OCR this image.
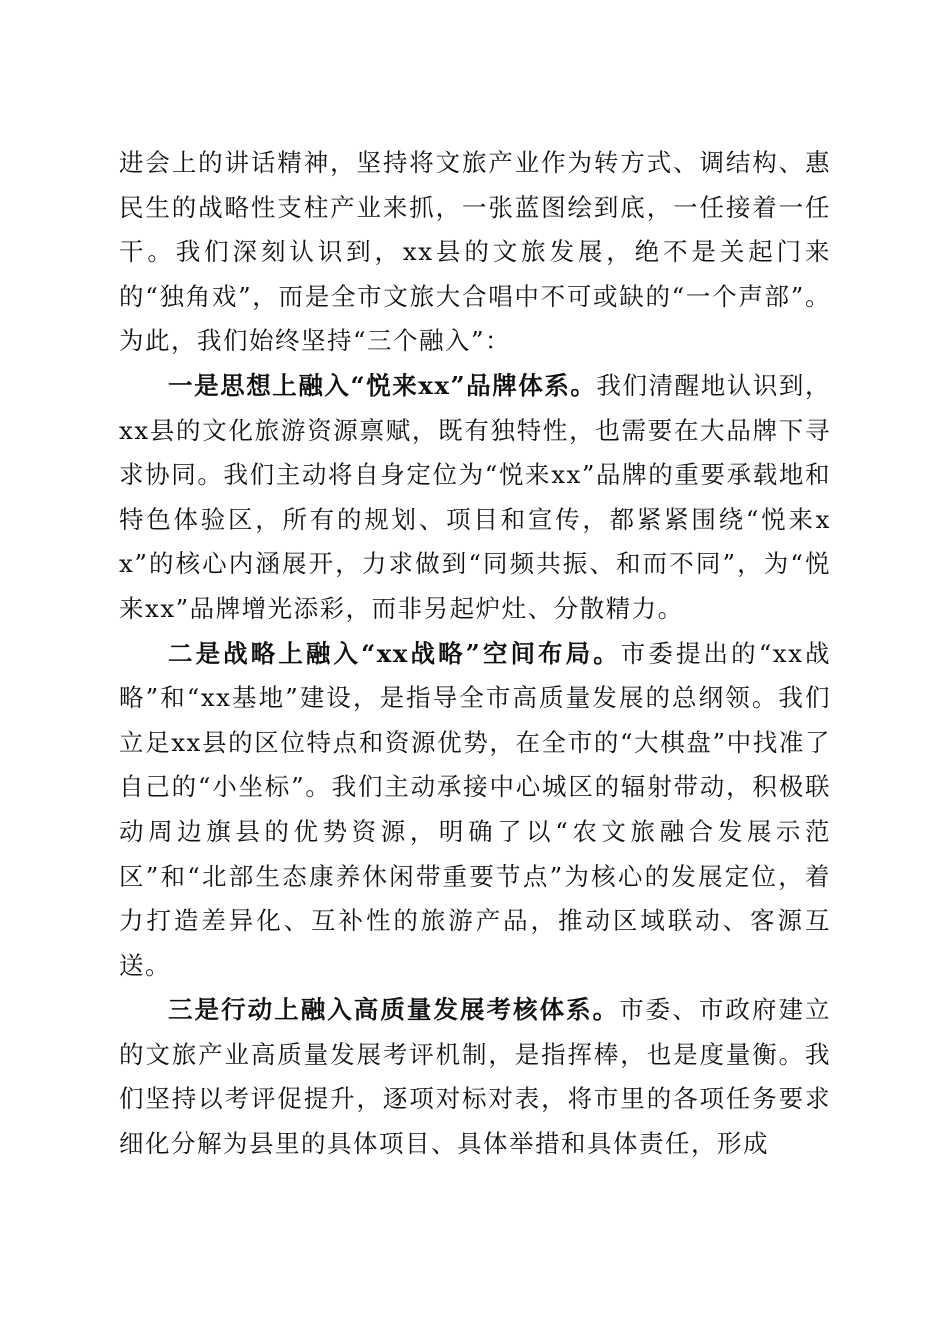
进会上的讲话精神，坚持将文旅产业作为转方式、调结构、惠民生的战略性支柱产业来抓，一张蓝图绘到底，一任接着一任干。我们深刻认识到，xx县的文旅发展，绝不是关起门来的“独角戏”，而是全市文旅大合唱中不可或缺的“一个声部”。为此，我们始终坚持“三个融入”：

一是思想上融入“悦来xx”品牌体系。我们清醒地认识到，xx县的文化旅游资源禀赋，既有独特性，也需要在大品牌下寻求协同。我们主动将自身定位为“悦来xx”品牌的重要承载地和特色体验区，所有的规划、项目和宣传，都紧紧围绕“悦来xx”的核心内涵展开，力求做到“同频共振、和而不同”，为“悦来xx”品牌增光添彩，而非另起炉灶、分散精力。

二是战略上融入“xx战略”空间布局。市委提出的“xx战略”和“xx基地”建设，是指导全市高质量发展的总纲领。我们立足xx县的区位特点和资源优势，在全市的“大棋盘”中找准了自己的“小坐标”。我们主动承接中心城区的辐射带动，积极联动周边旗县的优势资源，明确了以“农文旅融合发展示范区”和“北部生态康养休闲带重要节点”为核心的发展定位，着力打造差异化、互补性的旅游产品，推动区域联动、客源互送。

三是行动上融入高质量发展考核体系。市委、市政府建立的文旅产业高质量发展考评机制，是指挥棒，也是度量衡。我们坚持以考评促提升，逐项对标对表，将市里的各项任务要求细化分解为县里的具体项目、具体举措和具体责任，形成
